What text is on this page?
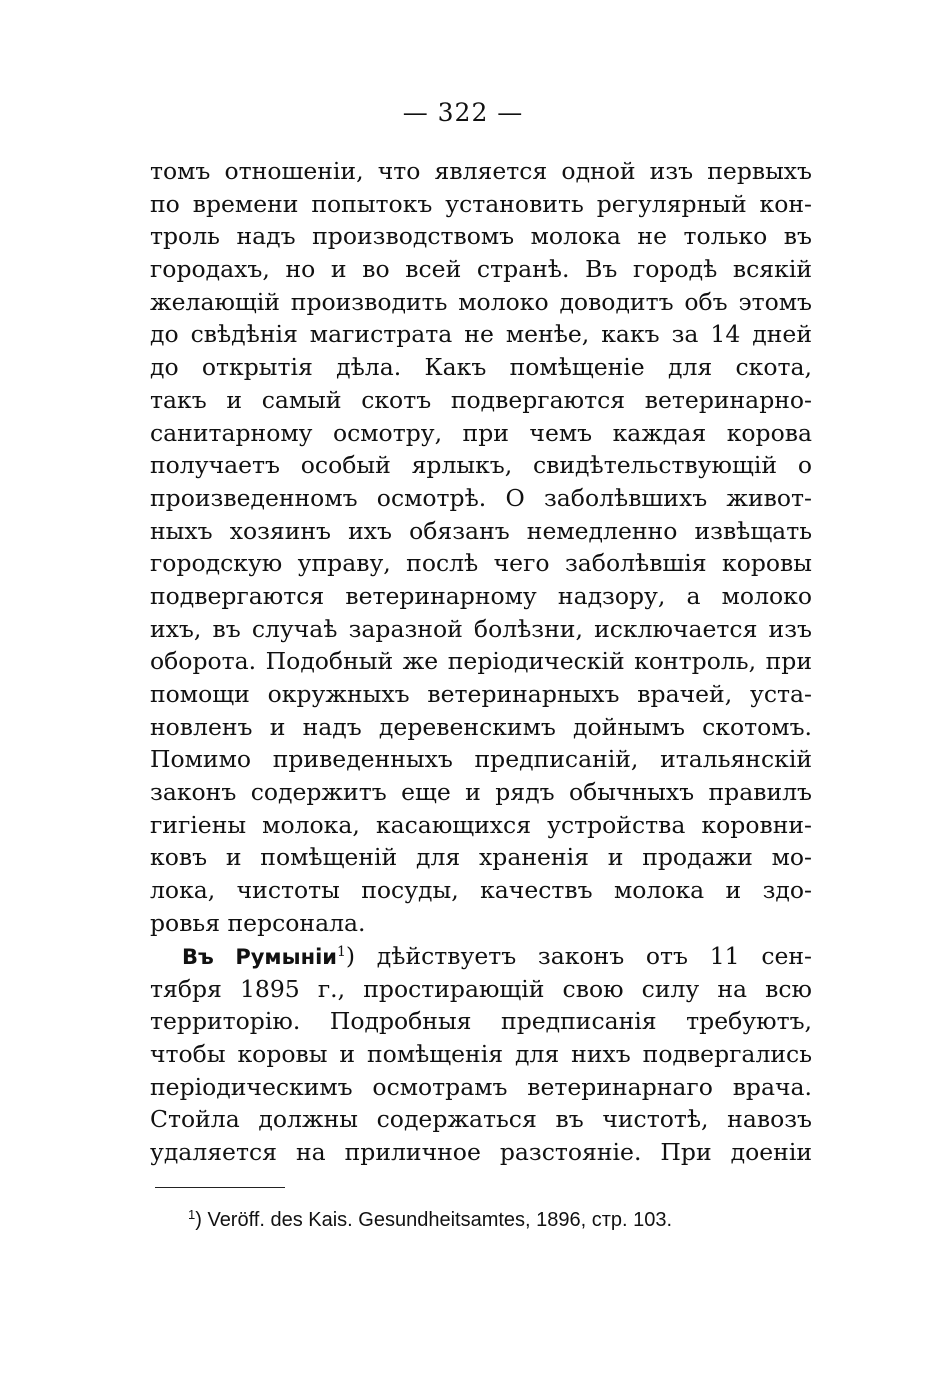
— 322 —
томъ отношеніи, что является одной изъ первыхъ
по времени попытокъ установить регулярный кон-
троль надъ производствомъ молока не только въ
городахъ, но и во всей странѣ. Въ городѣ всякій
желающій производить молоко доводитъ объ этомъ
до свѣдѣнія магистрата не менѣе, какъ за 14 дней
до открытія дѣла. Какъ помѣщеніе для скота,
такъ и самый скотъ подвергаются ветеринарно-
санитарному осмотру, при чемъ каждая корова
получаетъ особый ярлыкъ, свидѣтельствующій о
произведенномъ осмотрѣ. О заболѣвшихъ живот-
ныхъ хозяинъ ихъ обязанъ немедленно извѣщать
городскую управу, послѣ чего заболѣвшія коровы
подвергаются ветеринарному надзору, а молоко
ихъ, въ случаѣ заразной болѣзни, исключается изъ
оборота. Подобный же періодическій контроль, при
помощи окружныхъ ветеринарныхъ врачей, уста-
новленъ и надъ деревенскимъ дойнымъ скотомъ.
Помимо приведенныхъ предписаній, итальянскій
законъ содержитъ еще и рядъ обычныхъ правилъ
гигіены молока, касающихся устройства коровни-
ковъ и помѣщеній для храненія и продажи мо-
лока, чистоты посуды, качествъ молока и здо-
ровья персонала.
Въ Румыніи$^1$) дѣйствуетъ законъ отъ 11 сен-
тября 1895 г., простирающій свою силу на всю
территорію. Подробныя предписанія требуютъ,
чтобы коровы и помѣщенія для нихъ подвергались
періодическимъ осмотрамъ ветеринарнаго врача.
Стойла должны содержаться въ чистотѣ, навозъ
удаляется на приличное разстояніе. При доеніи
$^1$) Veröff. des Kais. Gesundheitsamtes, 1896, стр. 103.
